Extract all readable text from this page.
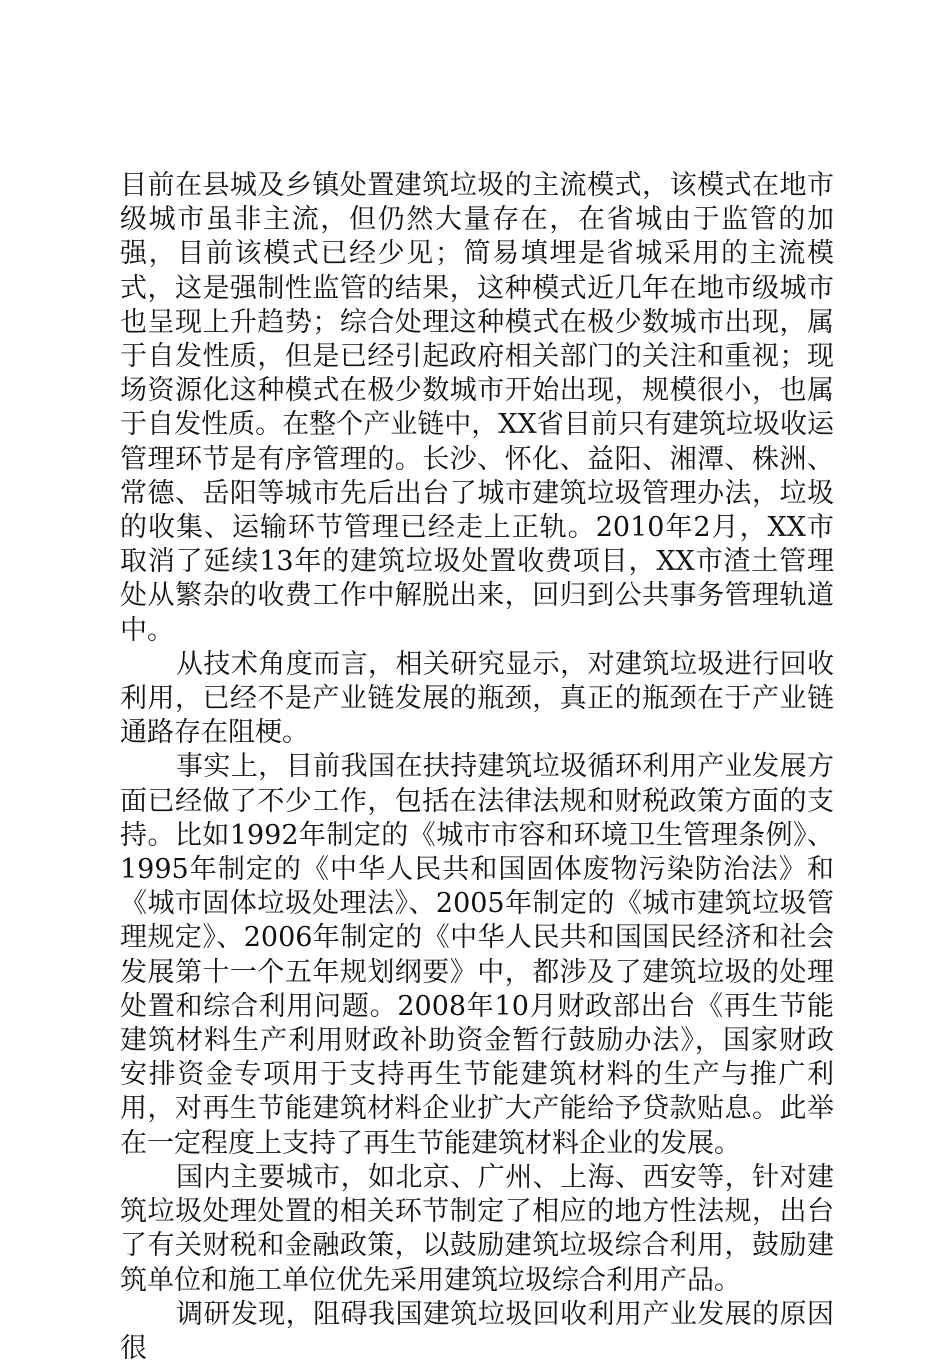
目前在县城及乡镇处置建筑垃圾的主流模式，该模式在地市级城市虽非主流，但仍然大量存在，在省城由于监管的加强，目前该模式已经少见；简易填埋是省城采用的主流模式，这是强制性监管的结果，这种模式近几年在地市级城市也呈现上升趋势；综合处理这种模式在极少数城市出现，属于自发性质，但是已经引起政府相关部门的关注和重视；现场资源化这种模式在极少数城市开始出现，规模很小，也属于自发性质。在整个产业链中，XX省目前只有建筑垃圾收运管理环节是有序管理的。长沙、怀化、益阳、湘潭、株洲、常德、岳阳等城市先后出台了城市建筑垃圾管理办法，垃圾的收集、运输环节管理已经走上正轨。2010年2月，XX市取消了延续13年的建筑垃圾处置收费项目，XX市渣土管理处从繁杂的收费工作中解脱出来，回归到公共事务管理轨道中。

从技术角度而言，相关研究显示，对建筑垃圾进行回收利用，已经不是产业链发展的瓶颈，真正的瓶颈在于产业链通路存在阻梗。

事实上，目前我国在扶持建筑垃圾循环利用产业发展方面已经做了不少工作，包括在法律法规和财税政策方面的支持。比如1992年制定的《城市市容和环境卫生管理条例》、1995年制定的《中华人民共和国固体废物污染防治法》和《城市固体垃圾处理法》、2005年制定的《城市建筑垃圾管理规定》、2006年制定的《中华人民共和国国民经济和社会发展第十一个五年规划纲要》中，都涉及了建筑垃圾的处理处置和综合利用问题。2008年10月财政部出台《再生节能建筑材料生产利用财政补助资金暂行鼓励办法》，国家财政安排资金专项用于支持再生节能建筑材料的生产与推广利用，对再生节能建筑材料企业扩大产能给予贷款贴息。此举在一定程度上支持了再生节能建筑材料企业的发展。

国内主要城市，如北京、广州、上海、西安等，针对建筑垃圾处理处置的相关环节制定了相应的地方性法规，出台了有关财税和金融政策，以鼓励建筑垃圾综合利用，鼓励建筑单位和施工单位优先采用建筑垃圾综合利用产品。

调研发现，阻碍我国建筑垃圾回收利用产业发展的原因很
